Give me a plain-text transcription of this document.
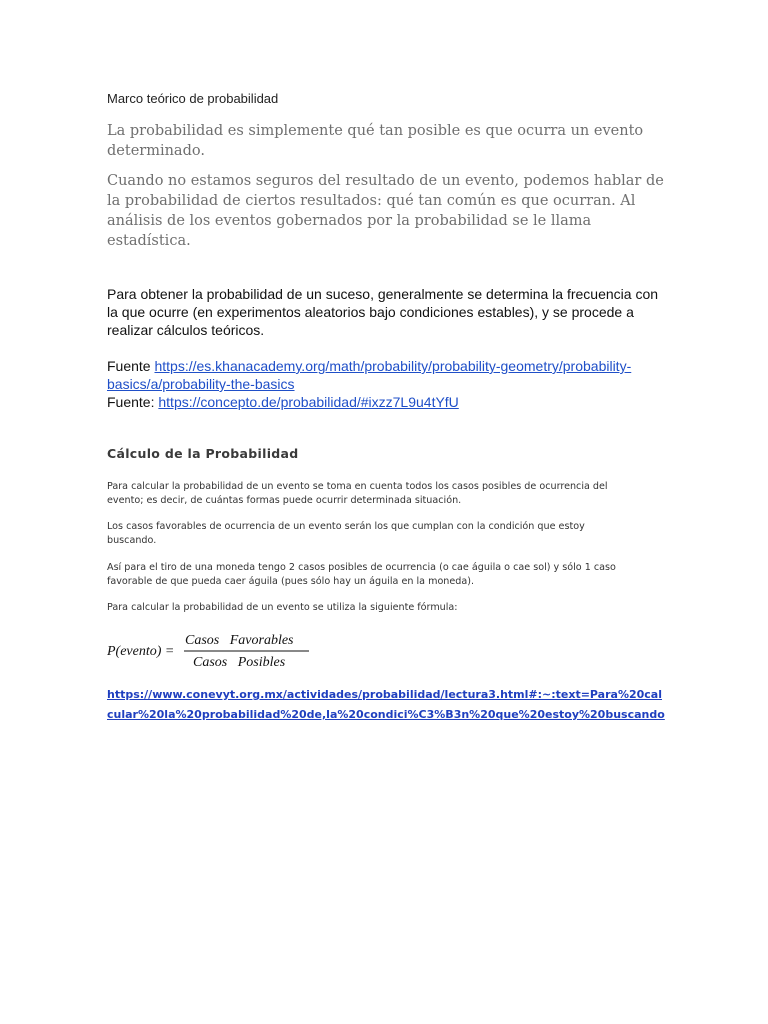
Marco teórico de probabilidad

La probabilidad es simplemente qué tan posible es que ocurra un evento determinado.

Cuando no estamos seguros del resultado de un evento, podemos hablar de la probabilidad de ciertos resultados: qué tan común es que ocurran. Al análisis de los eventos gobernados por la probabilidad se le llama estadística.

Para obtener la probabilidad de un suceso, generalmente se determina la frecuencia con la que ocurre (en experimentos aleatorios bajo condiciones estables), y se procede a realizar cálculos teóricos.

Fuente https://es.khanacademy.org/math/probability/probability-geometry/probability-basics/a/probability-the-basics
Fuente: https://concepto.de/probabilidad/#ixzz7L9u4tYfU

Cálculo de la Probabilidad

Para calcular la probabilidad de un evento se toma en cuenta todos los casos posibles de ocurrencia del evento; es decir, de cuántas formas puede ocurrir determinada situación.

Los casos favorables de ocurrencia de un evento serán los que cumplan con la condición que estoy buscando.

Así para el tiro de una moneda tengo 2 casos posibles de ocurrencia (o cae águila o cae sol) y sólo 1 caso favorable de que pueda caer águila (pues sólo hay un águila en la moneda).

Para calcular la probabilidad de un evento se utiliza la siguiente fórmula:

P(evento) =
Casos   Favorables
Casos   Posibles

https://www.conevyt.org.mx/actividades/probabilidad/lectura3.html#:~:text=Para%20calcular%20la%20probabilidad%20de,la%20condici%C3%B3n%20que%20estoy%20buscando
